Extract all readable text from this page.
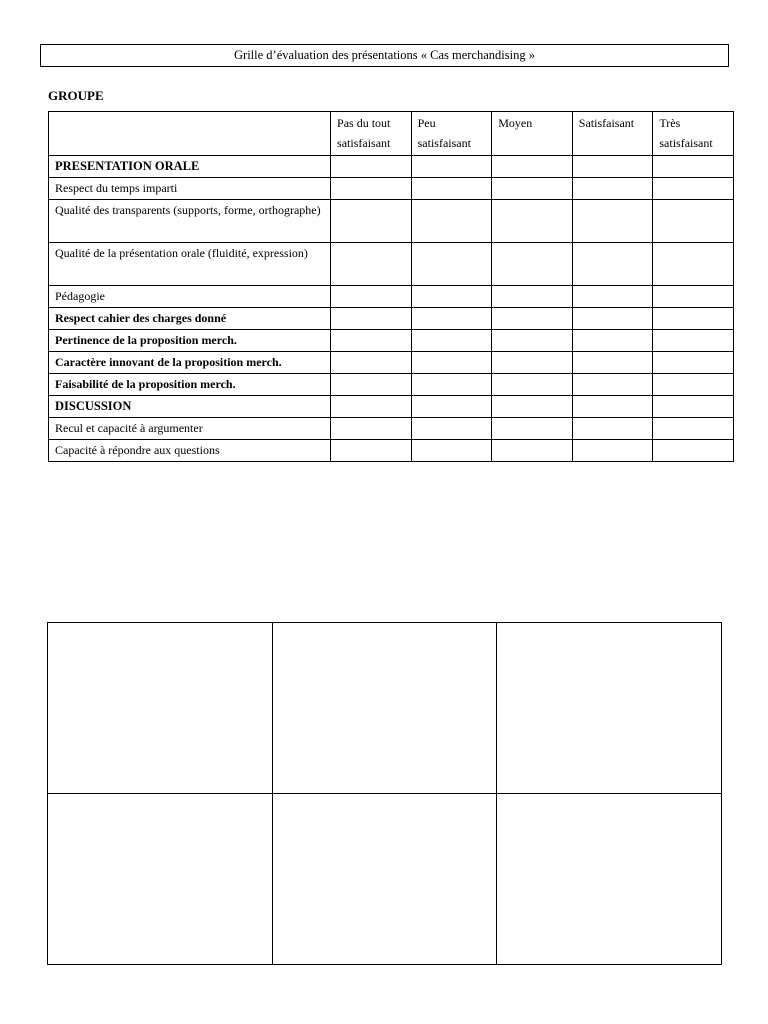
Grille d’évaluation des présentations « Cas merchandising »
GROUPE
	Pas du tout satisfaisant	Peu satisfaisant	Moyen	Satisfaisant	Très satisfaisant
PRESENTATION ORALE					
Respect du temps imparti					
Qualité des transparents (supports, forme, orthographe)					
Qualité de la présentation orale (fluidité, expression)					
Pédagogie					
Respect cahier des charges donné					
Pertinence de la proposition merch.					
Caractère innovant de la proposition merch.					
Faisabilité de la proposition merch.					
DISCUSSION					
Recul et capacité à argumenter					
Capacité à répondre aux questions					
